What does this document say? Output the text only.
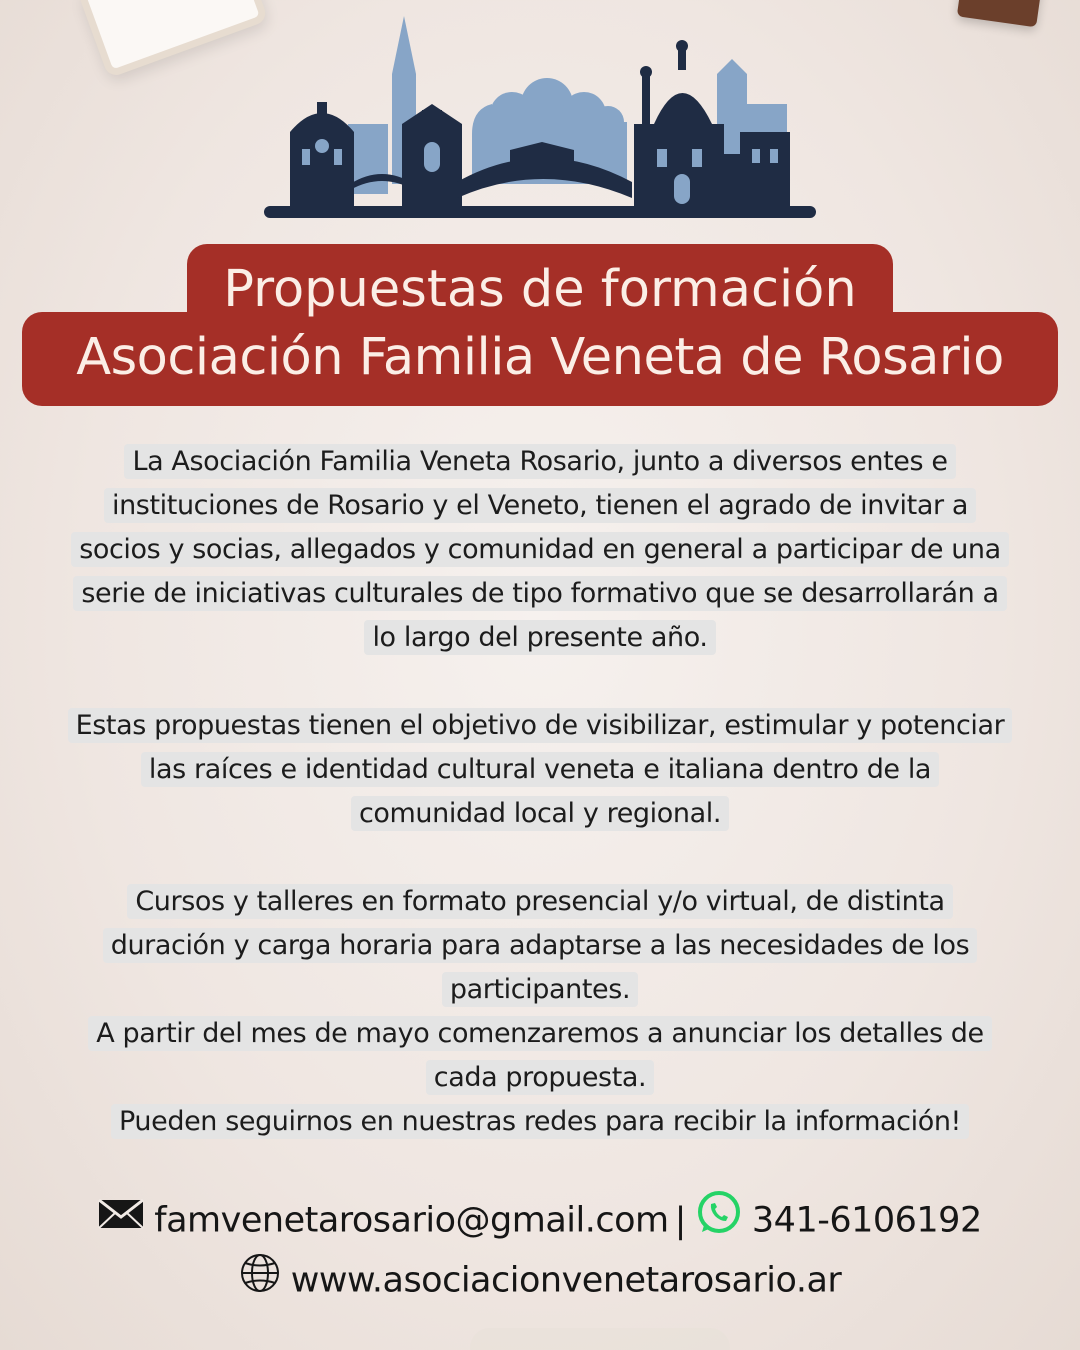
Propuestas de formación
Asociación Familia Veneta de Rosario
La Asociación Familia Veneta Rosario, junto a diversos entes e
instituciones de Rosario y el Veneto, tienen el agrado de invitar a
socios y socias, allegados y comunidad en general a participar de una
serie de iniciativas culturales de tipo formativo que se desarrollarán a
lo largo del presente año.
Estas propuestas tienen el objetivo de visibilizar, estimular y potenciar
las raíces e identidad cultural veneta e italiana dentro de la
comunidad local y regional.
Cursos y talleres en formato presencial y/o virtual, de distinta
duración y carga horaria para adaptarse a las necesidades de los
participantes.
A partir del mes de mayo comenzaremos a anunciar los detalles de
cada propuesta.
Pueden seguirnos en nuestras redes para recibir la información!
famvenetarosario@gmail.com | 341-6106192
www.asociacionvenetarosario.ar
